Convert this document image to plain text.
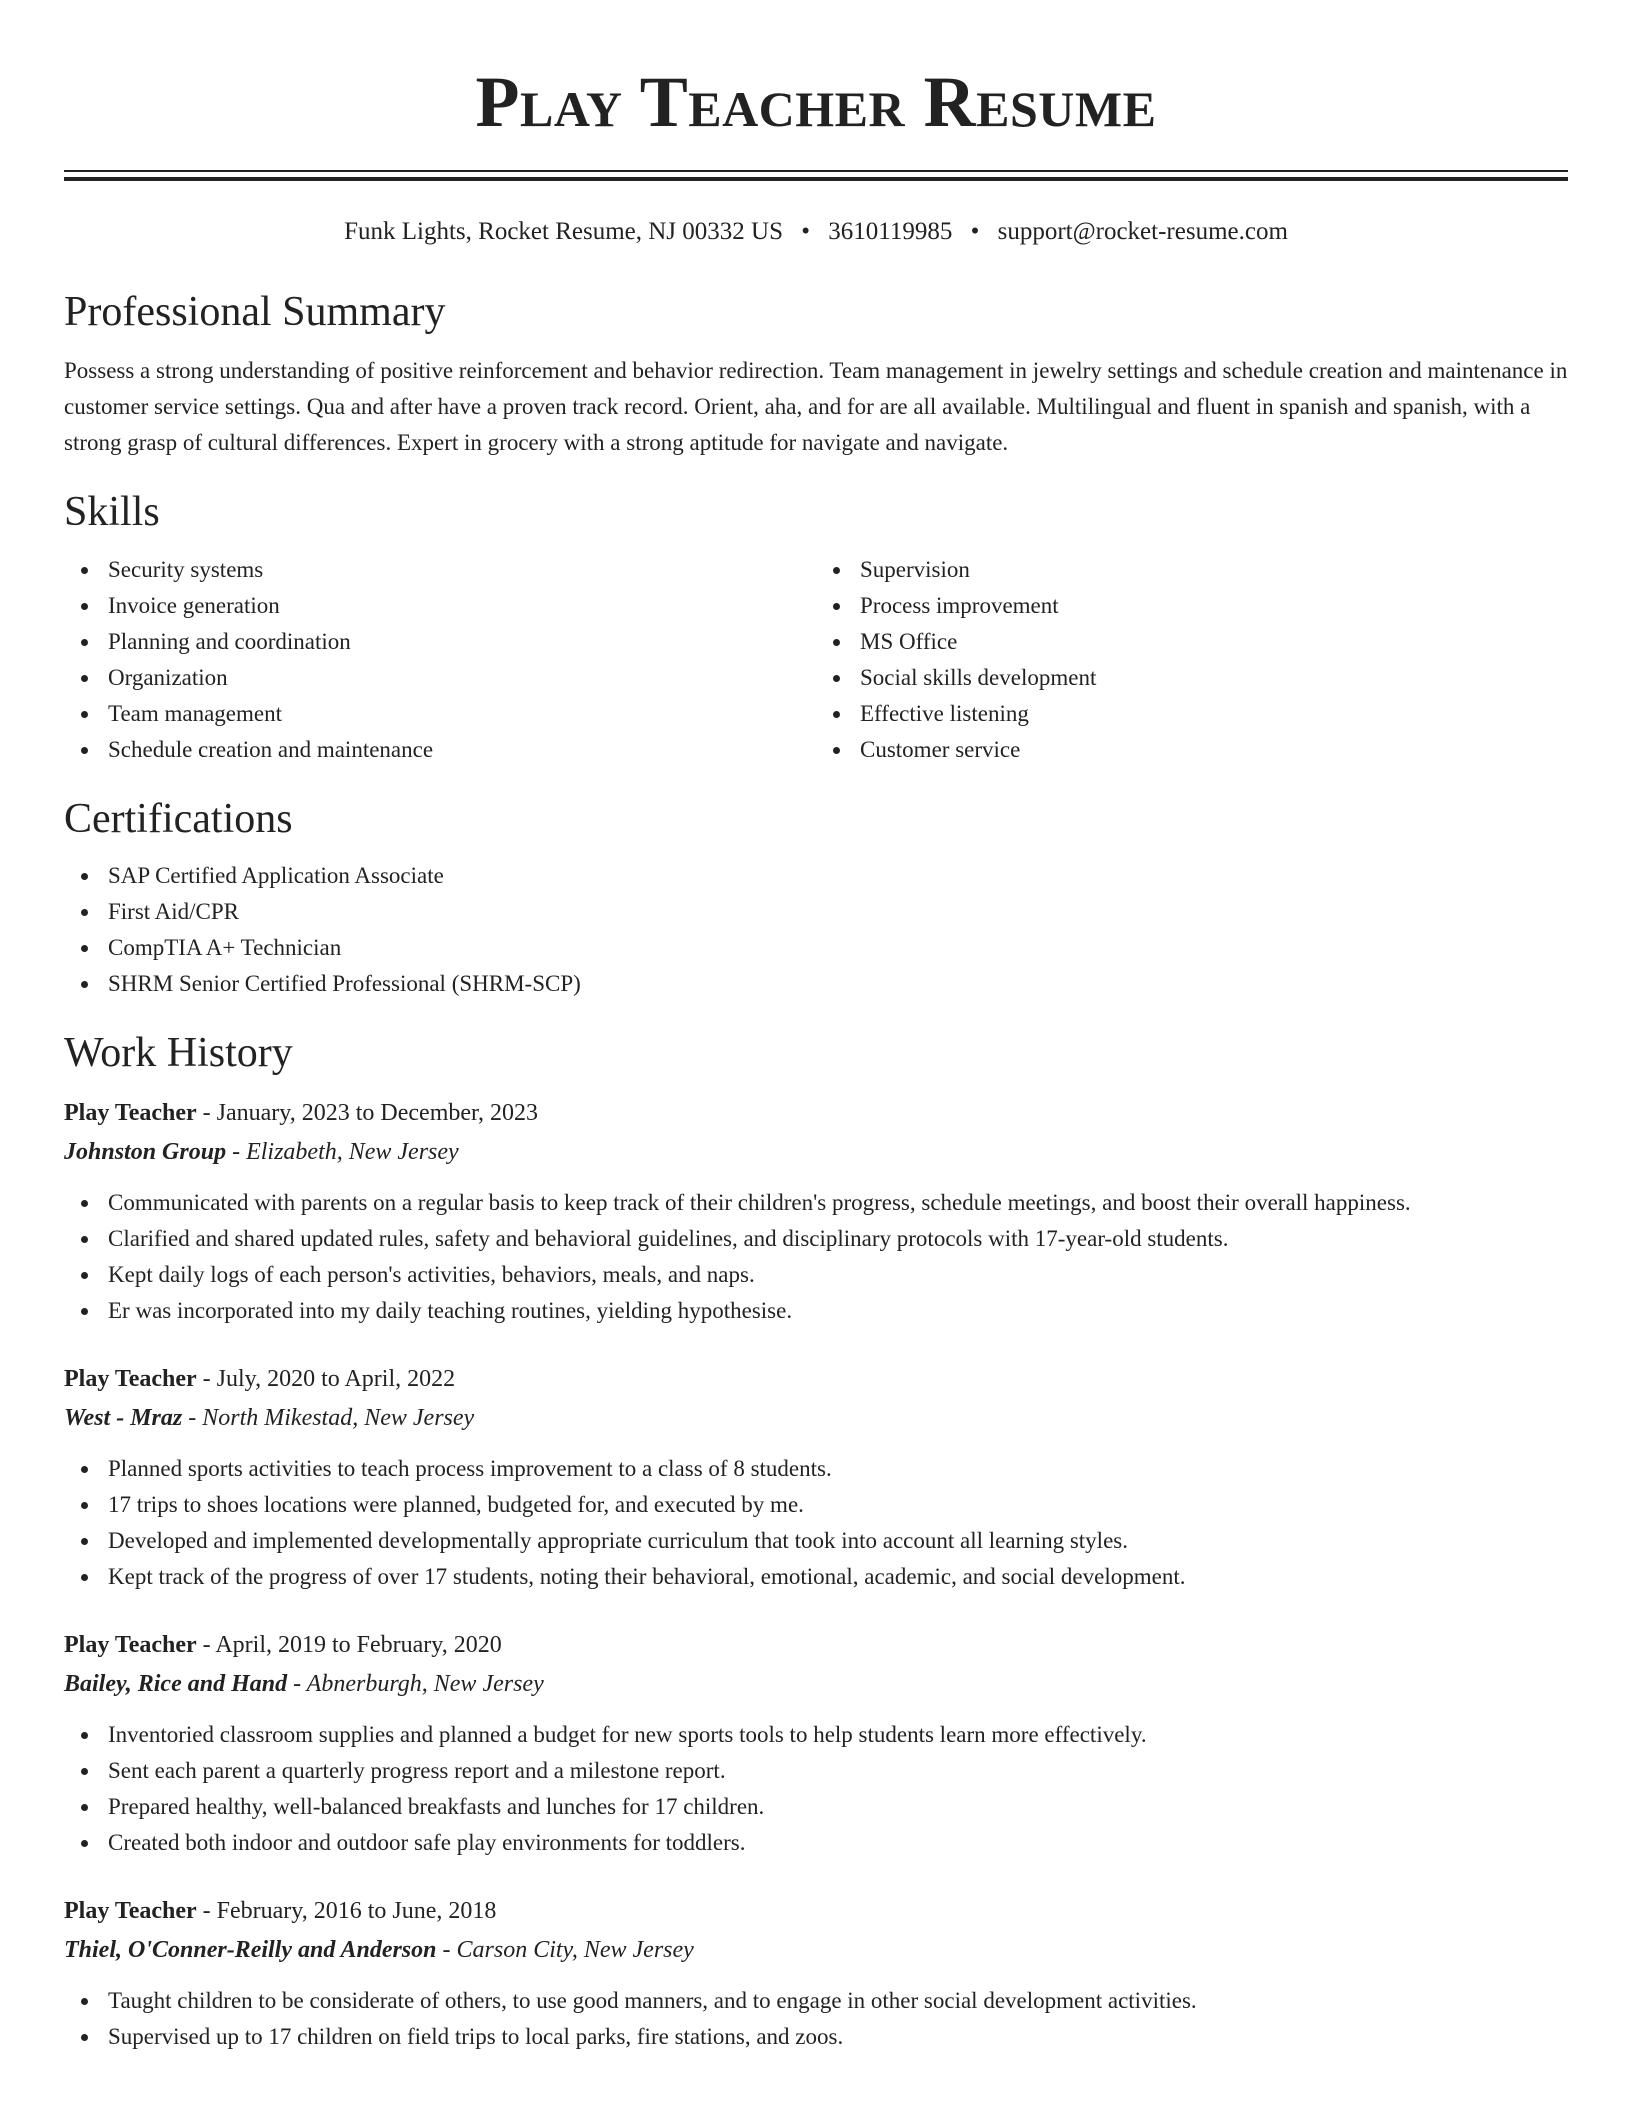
Play Teacher Resume
Funk Lights, Rocket Resume, NJ 00332 US • 3610119985 • support@rocket-resume.com
Professional Summary

Possess a strong understanding of positive reinforcement and behavior redirection. Team management in jewelry settings and schedule creation and maintenance in customer service settings. Qua and after have a proven track record. Orient, aha, and for are all available. Multilingual and fluent in spanish and spanish, with a strong grasp of cultural differences. Expert in grocery with a strong aptitude for navigate and navigate.

Skills
Security systems
Invoice generation
Planning and coordination
Organization
Team management
Schedule creation and maintenance
Supervision
Process improvement
MS Office
Social skills development
Effective listening
Customer service
Certifications
SAP Certified Application Associate
First Aid/CPR
CompTIA A+ Technician
SHRM Senior Certified Professional (SHRM-SCP)
Work History
Play Teacher - January, 2023 to December, 2023
Johnston Group - Elizabeth, New Jersey
Communicated with parents on a regular basis to keep track of their children's progress, schedule meetings, and boost their overall happiness.
Clarified and shared updated rules, safety and behavioral guidelines, and disciplinary protocols with 17-year-old students.
Kept daily logs of each person's activities, behaviors, meals, and naps.
Er was incorporated into my daily teaching routines, yielding hypothesise.
Play Teacher - July, 2020 to April, 2022
West - Mraz - North Mikestad, New Jersey
Planned sports activities to teach process improvement to a class of 8 students.
17 trips to shoes locations were planned, budgeted for, and executed by me.
Developed and implemented developmentally appropriate curriculum that took into account all learning styles.
Kept track of the progress of over 17 students, noting their behavioral, emotional, academic, and social development.
Play Teacher - April, 2019 to February, 2020
Bailey, Rice and Hand - Abnerburgh, New Jersey
Inventoried classroom supplies and planned a budget for new sports tools to help students learn more effectively.
Sent each parent a quarterly progress report and a milestone report.
Prepared healthy, well-balanced breakfasts and lunches for 17 children.
Created both indoor and outdoor safe play environments for toddlers.
Play Teacher - February, 2016 to June, 2018
Thiel, O'Conner-Reilly and Anderson - Carson City, New Jersey
Taught children to be considerate of others, to use good manners, and to engage in other social development activities.
Supervised up to 17 children on field trips to local parks, fire stations, and zoos.
